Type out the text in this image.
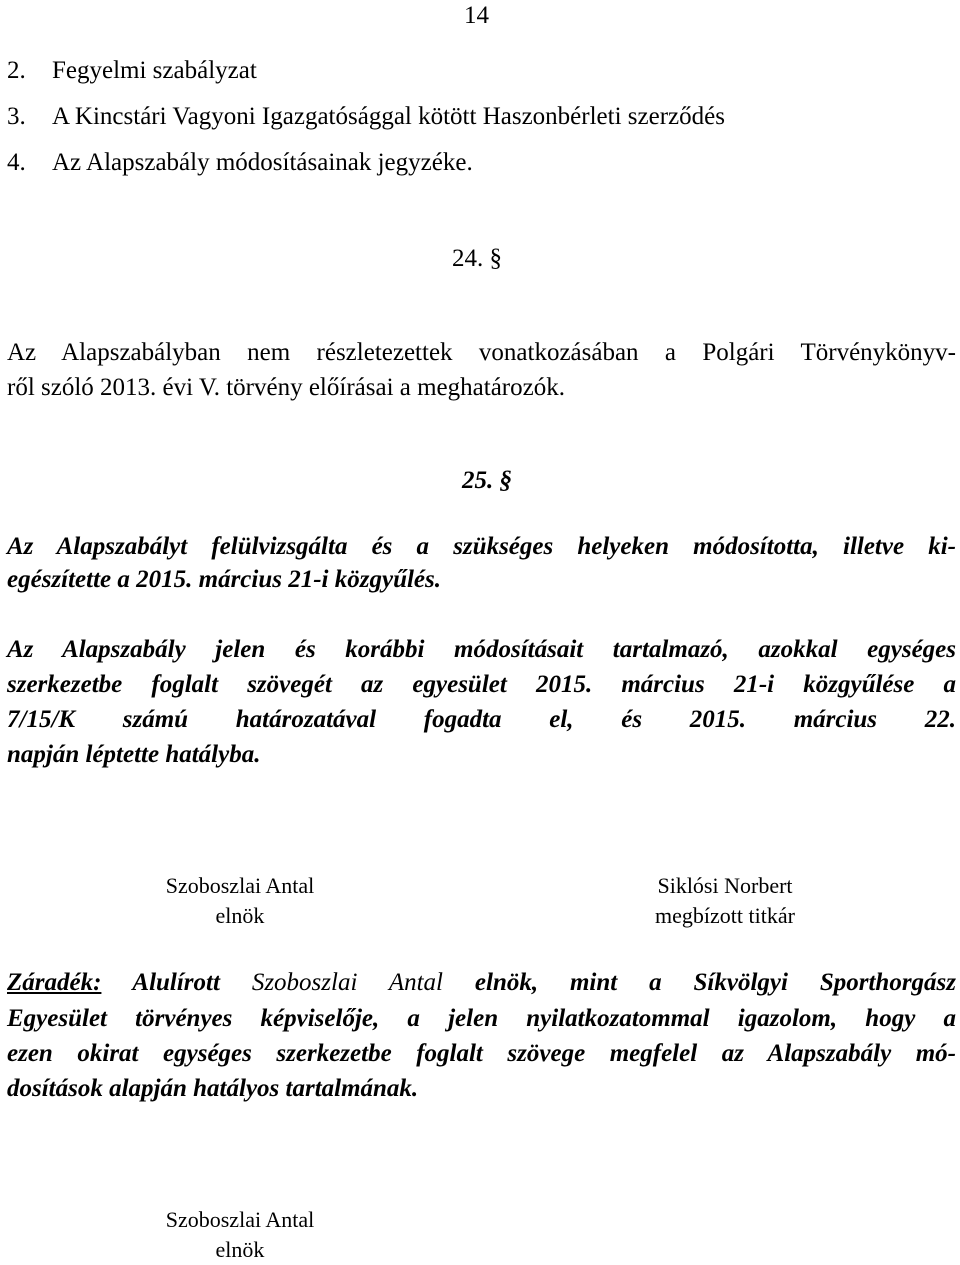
14
2. Fegyelmi szabályzat
3. A Kincstári Vagyoni Igazgatósággal kötött Haszonbérleti szerződés
4. Az Alapszabály módosításainak jegyzéke.
24. §
Az Alapszabályban nem részletezettek vonatkozásában a Polgári Törvénykönyv-
ről szóló 2013. évi V. törvény előírásai a meghatározók.
25. §
Az Alapszabályt felülvizsgálta és a szükséges helyeken módosította, illetve ki-
egészítette a 2015. március 21-i közgyűlés.
Az Alapszabály jelen és korábbi módosításait tartalmazó, azokkal egységes
szerkezetbe foglalt szövegét az egyesület 2015. március 21-i közgyűlése a
7/15/K számú határozatával fogadta el, és 2015. március 22.
napján léptette hatályba.
Szoboszlai Antal
elnök
Siklósi Norbert
megbízott titkár
Záradék: Alulírott Szoboszlai Antal elnök, mint a Síkvölgyi Sporthorgász
Egyesület törvényes képviselője, a jelen nyilatkozatommal igazolom, hogy a
ezen okirat egységes szerkezetbe foglalt szövege megfelel az Alapszabály mó-
dosítások alapján hatályos tartalmának.
Szoboszlai Antal
elnök
